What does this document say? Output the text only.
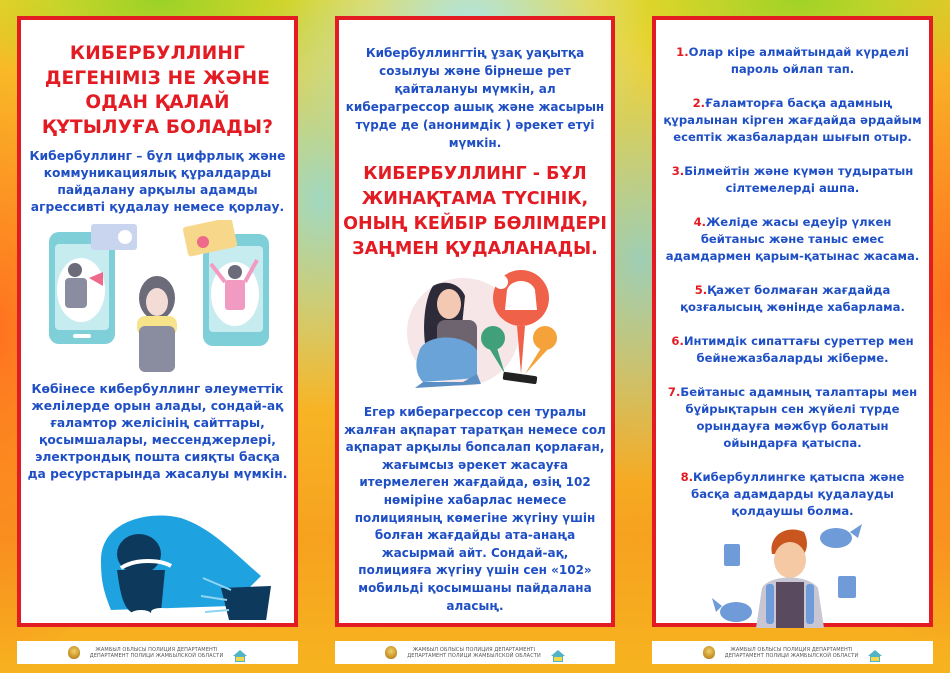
КИБЕРБУЛЛИНГ
ДЕГЕНІМІЗ НЕ ЖӘНЕ
ОДАН ҚАЛАЙ
ҚҰТЫЛУҒА БОЛАДЫ?
Кибербуллинг – бұл цифрлық және коммуникациялық құралдарды пайдалану арқылы адамды агрессивті қудалау немесе қорлау.
Көбінесе кибербуллинг әлеуметтік желілерде орын алады, сондай-ақ ғаламтор желісінің сайттары, қосымшалары, мессенджерлері, электрондық пошта сияқты басқа да ресурстарында жасалуы мүмкін.
Кибербуллингтің ұзақ уақытқа созылуы және бірнеше рет қайталануы мүмкін, ал киберагрессор ашық және жасырын түрде де (анонимдік ) әрекет етуі мүмкін.
КИБЕРБУЛЛИНГ - БҰЛ
ЖИНАҚТАМА ТҮСІНІК,
ОНЫҢ КЕЙБІР БӨЛІМДЕРІ
ЗАҢМЕН ҚУДАЛАНАДЫ.
Егер киберагрессор сен туралы жалған ақпарат таратқан немесе сол ақпарат арқылы бопсалап қорлаған, жағымсыз әрекет жасауға итермелеген жағдайда, өзің 102 нөміріне хабарлас немесе полицияның көмегіне жүгіну үшін болған жағдайды ата-анаңа жасырмай айт. Сондай-ақ, полицияға жүгіну үшін сен «102» мобильді қосымшаны пайдалана аласың.
1.Олар кіре алмайтындай күрделі пароль ойлап тап.
2.Ғаламторға басқа адамның құралынан кірген жағдайда әрдайым есептік жазбалардан шығып отыр.
3.Білмейтін және күмән тудыратын сілтемелерді ашпа.
4.Желіде жасы едеуір үлкен бейтаныс және таныс емес адамдармен қарым-қатынас жасама.
5.Қажет болмаған жағдайда қозғалысың жөнінде хабарлама.
6.Интимдік сипаттағы суреттер мен бейнежазбаларды жіберме.
7.Бейтаныс адамның талаптары мен бұйрықтарын сен жүйелі түрде орындауға мәжбүр болатын ойындарға қатыспа.
8.Кибербуллингке қатыспа және басқа адамдарды қудалауды қолдаушы болма.
ЖАМБЫЛ ОБЛЫСЫ ПОЛИЦИЯ ДЕПАРТАМЕНТІ
ДЕПАРТАМЕНТ ПОЛИЦИ ЖАМБЫЛСКОЙ ОБЛАСТИ
ЖАМБЫЛ ОБЛЫСЫ ПОЛИЦИЯ ДЕПАРТАМЕНТІ
ДЕПАРТАМЕНТ ПОЛИЦИ ЖАМБЫЛСКОЙ ОБЛАСТИ
ЖАМБЫЛ ОБЛЫСЫ ПОЛИЦИЯ ДЕПАРТАМЕНТІ
ДЕПАРТАМЕНТ ПОЛИЦИ ЖАМБЫЛСКОЙ ОБЛАСТИ
